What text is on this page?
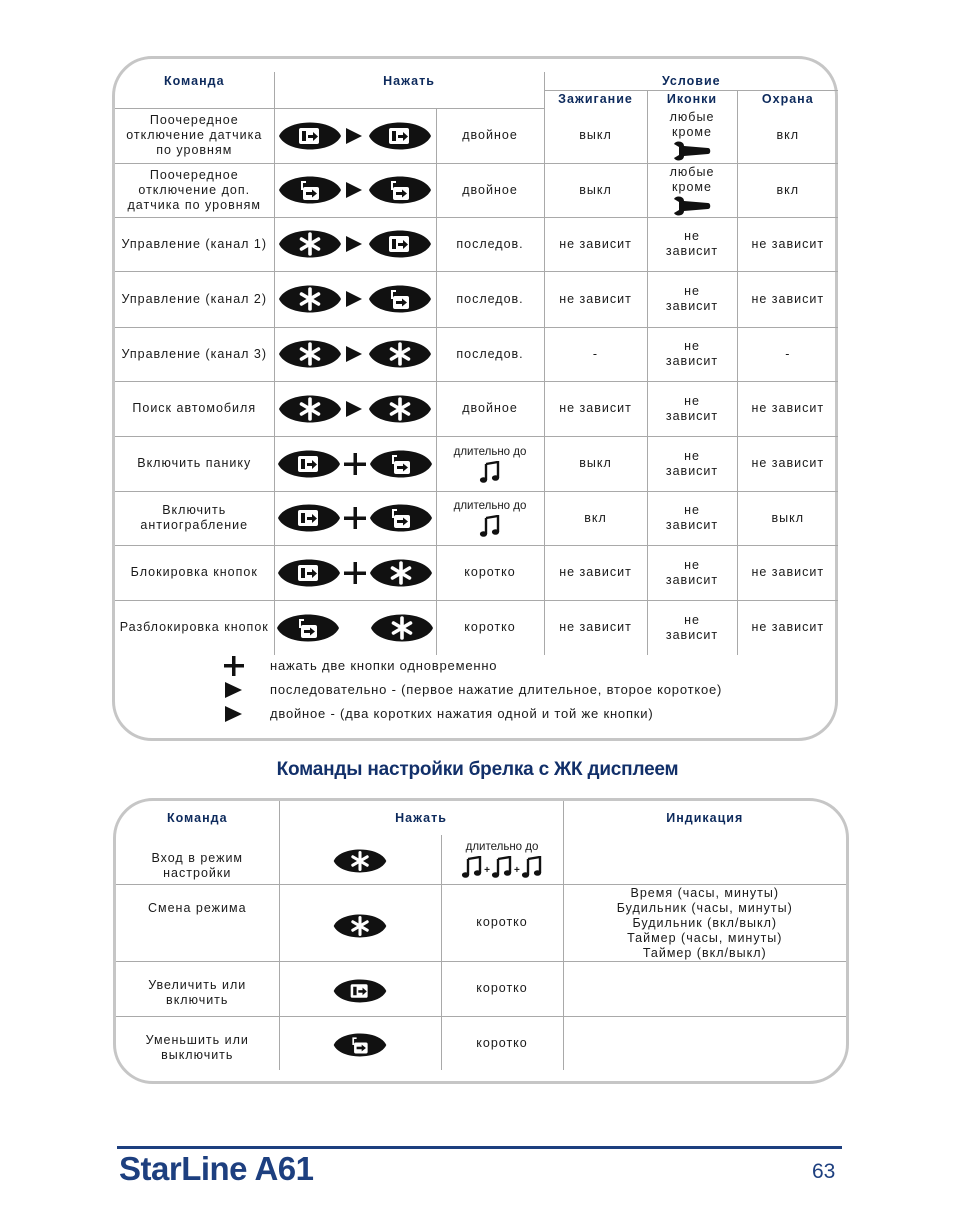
Команда	Нажать		Условие		
			Зажигание	Иконки	Охрана
Поочередное отключение датчика по уровням		двойное	выкл	любые кроме	вкл
Поочередное отключение доп. датчика по уровням		двойное	выкл	любые кроме	вкл
Управление (канал 1)		последов.	не зависит	не зависит	не зависит
Управление (канал 2)		последов.	не зависит	не зависит	не зависит
Управление (канал 3)		последов.	-	не зависит	-
Поиск автомобиля		двойное	не зависит	не зависит	не зависит
Включить панику		длительно до	выкл	не зависит	не зависит
Включить антиограбление		длительно до	вкл	не зависит	выкл
Блокировка кнопок		коротко	не зависит	не зависит	не зависит
Разблокировка кнопок		коротко	не зависит	не зависит	не зависит
нажать две кнопки одновременно
последовательно - (первое нажатие длительное, второе короткое)
двойное - (два коротких нажатия одной и той же кнопки)
Команды настройки брелка с ЖК дисплеем
Команда	Нажать		Индикация
Вход в режим настройки		длительно до
+ +	

Смена режима		коротко	Время (часы, минуты)
Будильник (часы, минуты)
Будильник (вкл/выкл)
Таймер (часы, минуты)
Таймер (вкл/выкл)
Увеличить или включить		коротко	
Уменьшить или выключить		коротко	
StarLine A61	63
